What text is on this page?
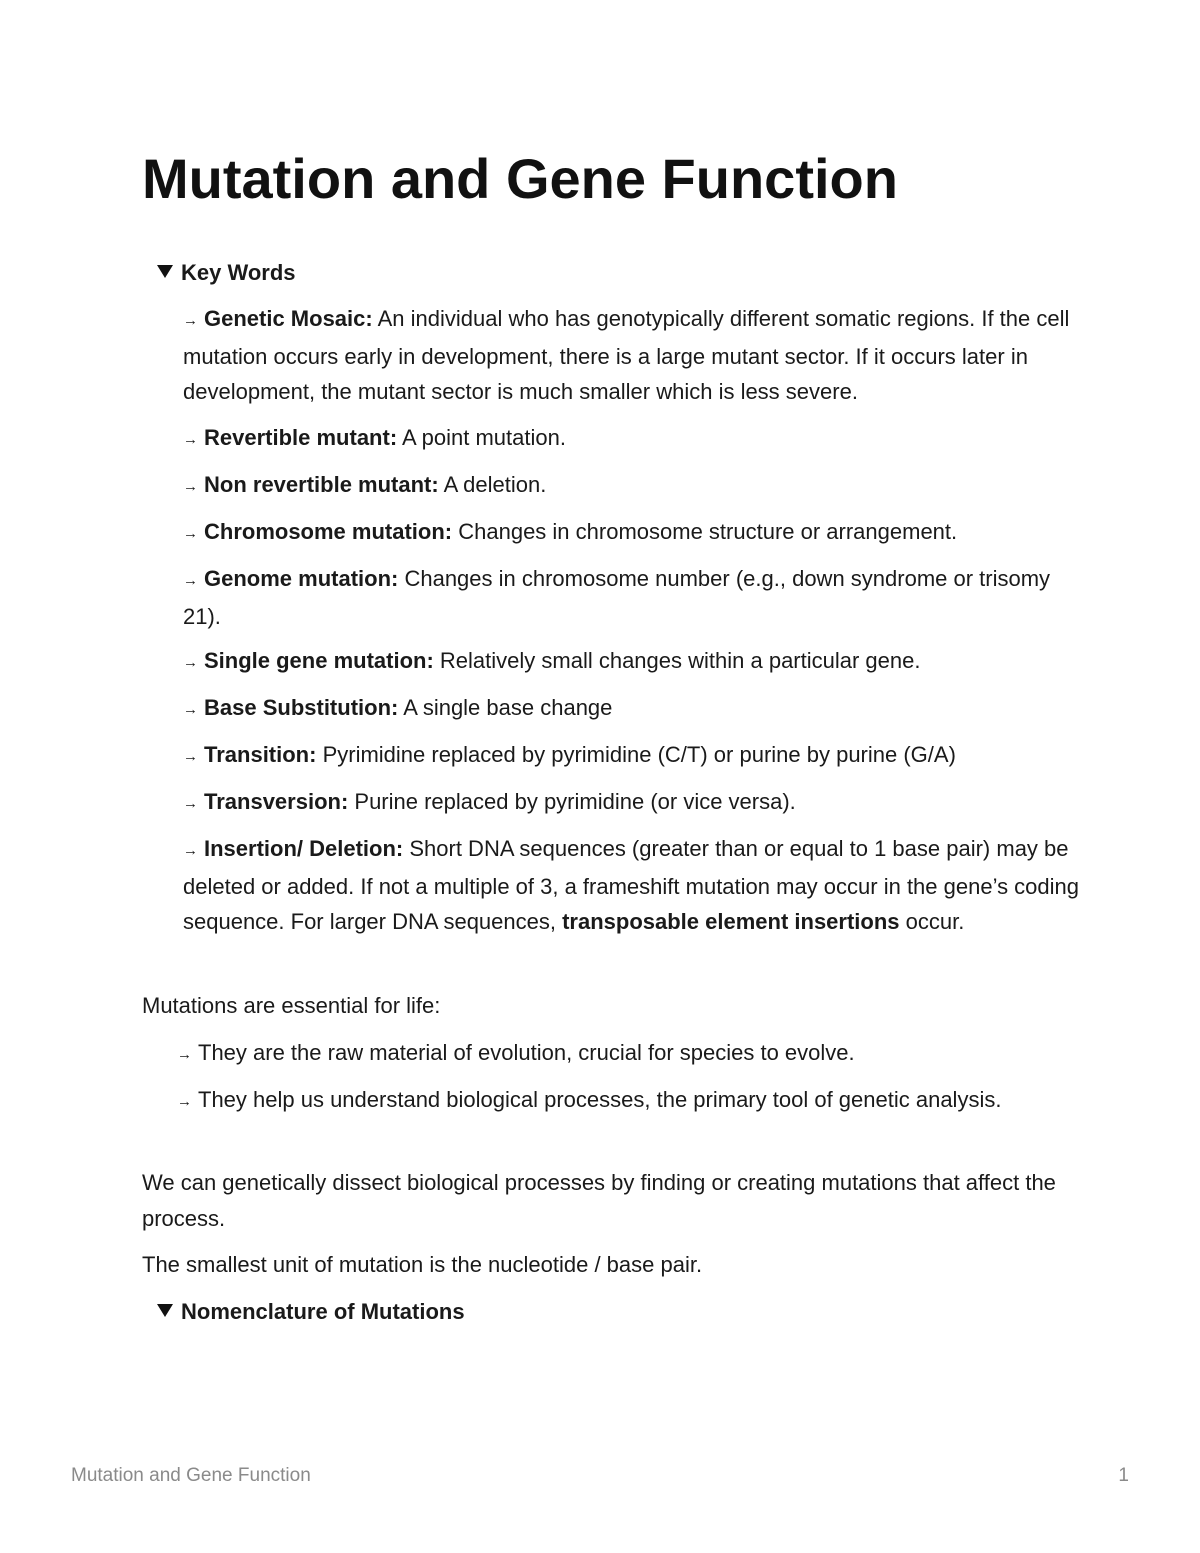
Mutation and Gene Function
Key Words

→ Genetic Mosaic: An individual who has genotypically different somatic regions. If the cell mutation occurs early in development, there is a large mutant sector. If it occurs later in development, the mutant sector is much smaller which is less severe.

→ Revertible mutant: A point mutation.

→ Non revertible mutant: A deletion.

→ Chromosome mutation: Changes in chromosome structure or arrangement.

→ Genome mutation: Changes in chromosome number (e.g., down syndrome or trisomy 21).

→ Single gene mutation: Relatively small changes within a particular gene.

→ Base Substitution: A single base change

→ Transition: Pyrimidine replaced by pyrimidine (C/T) or purine by purine (G/A)

→ Transversion: Purine replaced by pyrimidine (or vice versa).

→ Insertion/ Deletion: Short DNA sequences (greater than or equal to 1 base pair) may be deleted or added. If not a multiple of 3, a frameshift mutation may occur in the gene’s coding sequence. For larger DNA sequences, transposable element insertions occur.

Mutations are essential for life:

→ They are the raw material of evolution, crucial for species to evolve.

→ They help us understand biological processes, the primary tool of genetic analysis.

We can genetically dissect biological processes by finding or creating mutations that affect the process.

The smallest unit of mutation is the nucleotide / base pair.

Nomenclature of Mutations
Mutation and Gene Function	1
